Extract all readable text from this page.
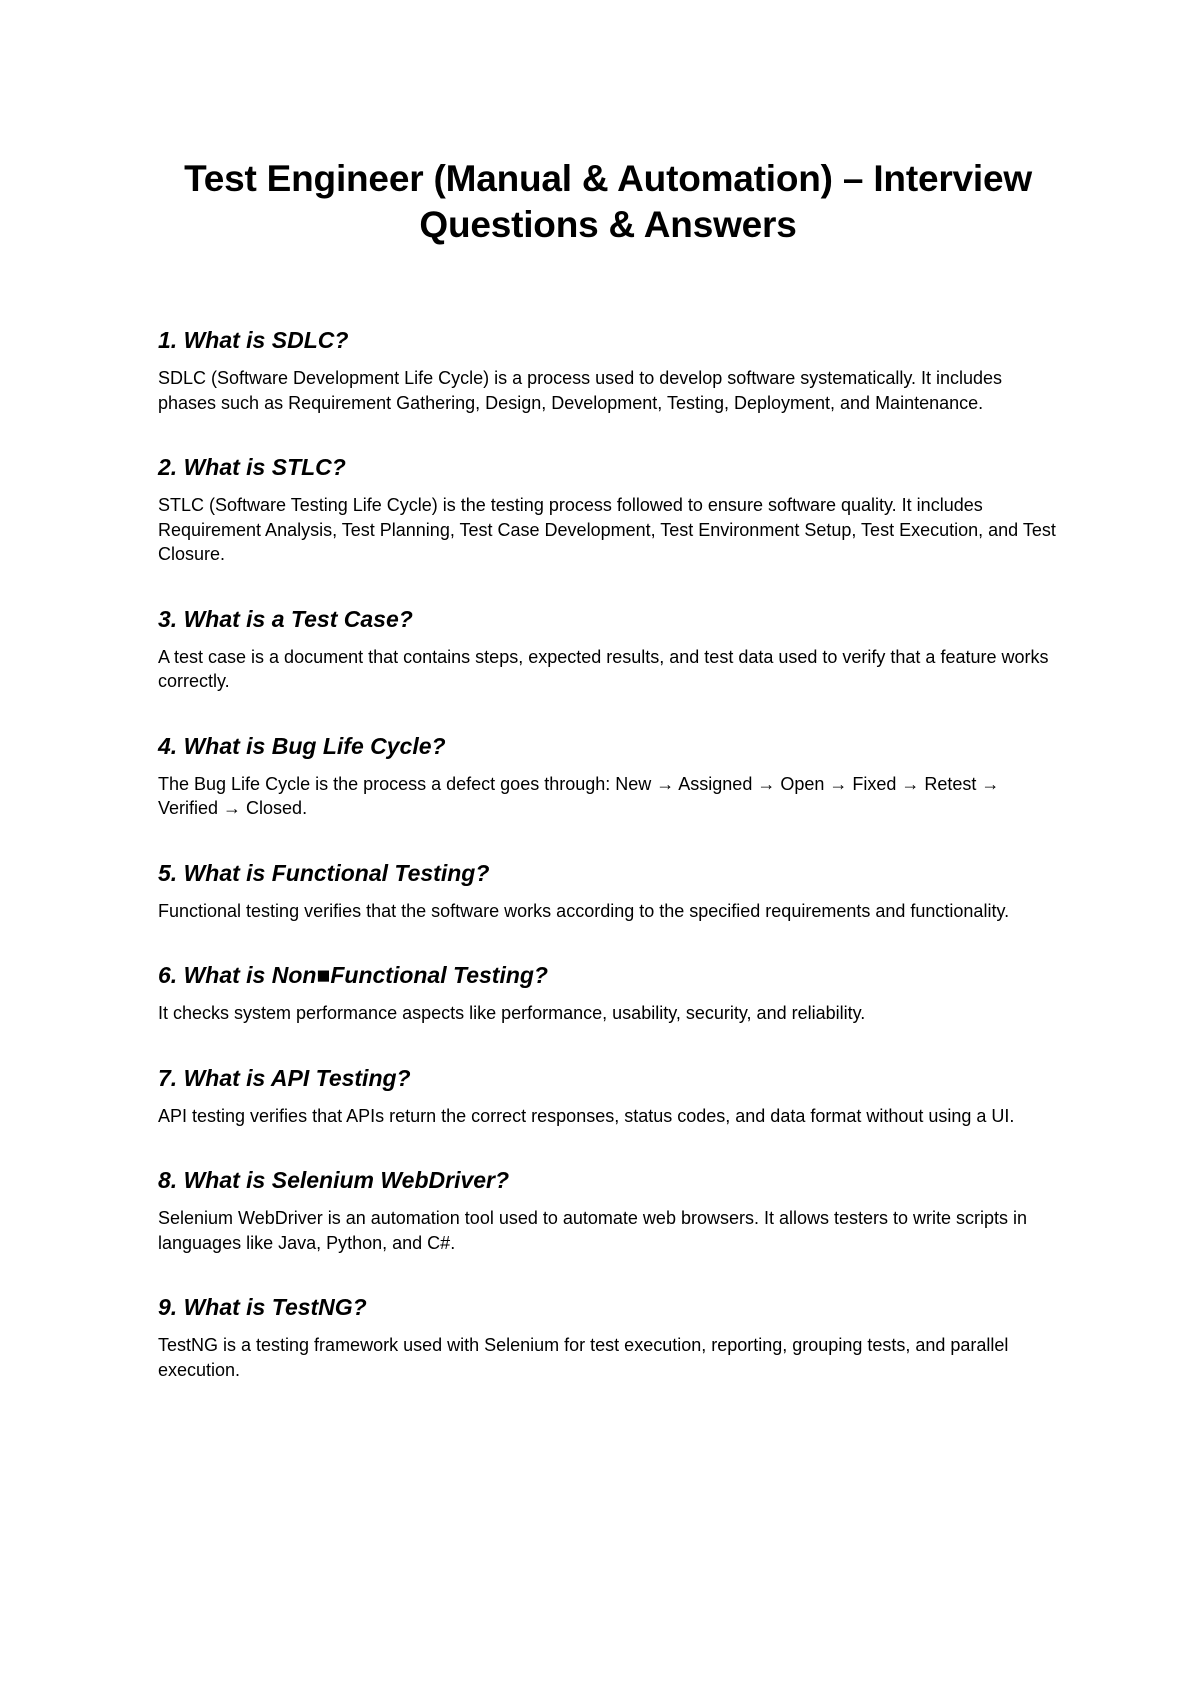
Test Engineer (Manual & Automation) – Interview Questions & Answers
1. What is SDLC?

SDLC (Software Development Life Cycle) is a process used to develop software systematically. It includes phases such as Requirement Gathering, Design, Development, Testing, Deployment, and Maintenance.

2. What is STLC?

STLC (Software Testing Life Cycle) is the testing process followed to ensure software quality. It includes Requirement Analysis, Test Planning, Test Case Development, Test Environment Setup, Test Execution, and Test Closure.

3. What is a Test Case?

A test case is a document that contains steps, expected results, and test data used to verify that a feature works correctly.

4. What is Bug Life Cycle?

The Bug Life Cycle is the process a defect goes through: New → Assigned → Open → Fixed → Retest → Verified → Closed.

5. What is Functional Testing?

Functional testing verifies that the software works according to the specified requirements and functionality.

6. What is Non■Functional Testing?

It checks system performance aspects like performance, usability, security, and reliability.

7. What is API Testing?

API testing verifies that APIs return the correct responses, status codes, and data format without using a UI.

8. What is Selenium WebDriver?

Selenium WebDriver is an automation tool used to automate web browsers. It allows testers to write scripts in languages like Java, Python, and C#.

9. What is TestNG?

TestNG is a testing framework used with Selenium for test execution, reporting, grouping tests, and parallel execution.
